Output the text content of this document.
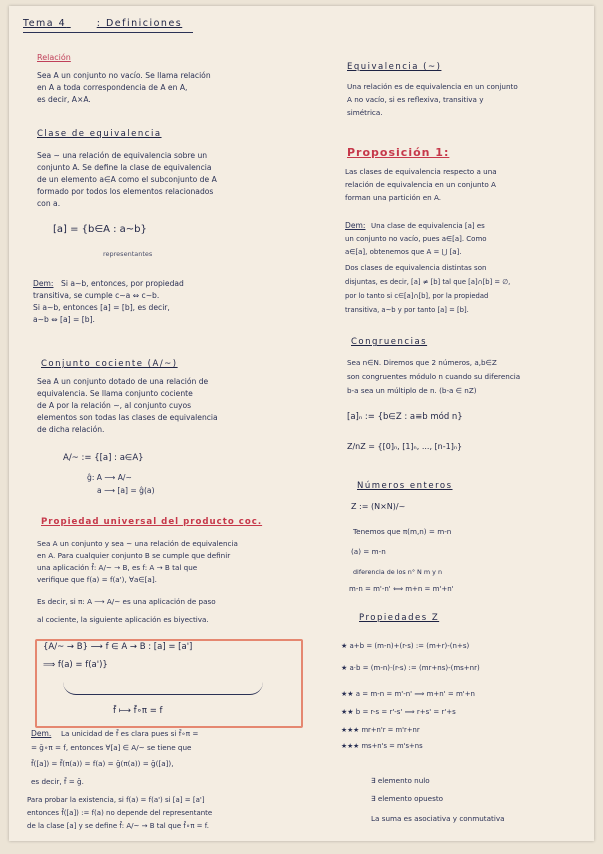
Tema 4	: Definiciones
Relación
Sea A un conjunto no vacío. Se llama relación
en A a toda correspondencia de A en A,
es decir, A×A.
Clase de equivalencia
Sea ~ una relación de equivalencia sobre un
conjunto A. Se define la clase de equivalencia
de un elemento a∈A como el subconjunto de A
formado por todos los elementos relacionados
con a.
[a] = {b∈A : a~b}
representantes
Dem: Si a~b, entonces, por propiedad
transitiva, se cumple c~a ⇔ c~b.
Si a~b, entonces [a] = [b], es decir,
a~b ⇔ [a] = [b].
Conjunto cociente (A/~)
Sea A un conjunto dotado de una relación de
equivalencia. Se llama conjunto cociente
de A por la relación ~, al conjunto cuyos
elementos son todas las clases de equivalencia
de dicha relación.
A/~ := {[a] : a∈A}
ĝ: A ⟶ A/~
a ⟶ [a] = ĝ(a)
Propiedad universal del producto coc.
Sea A un conjunto y sea ~ una relación de equivalencia
en A. Para cualquier conjunto B se cumple que definir
una aplicación f̄: A/~ → B, es f: A → B tal que
verifique que f(a) = f(a'), ∀a∈[a].
Es decir, si π: A ⟶ A/~ es una aplicación de paso
al cociente, la siguiente aplicación es biyectiva.
{A/~ → B} ⟶ f ∈ A → B : [a] = [a']
⟹ f(a) = f(a')}
f̄ ⟼ f̄∘π = f
Dem. La unicidad de f̄ es clara pues si f̄∘π =
= ḡ∘π = f, entonces ∀[a] ∈ A/~ se tiene que
f̄([a]) = f̄(π(a)) = f(a) = ḡ(π(a)) = ḡ([a]),
es decir, f̄ = ḡ.
Para probar la existencia, si f(a) = f(a') si [a] = [a']
entonces f̄([a]) := f(a) no depende del representante
de la clase [a] y se define f̄: A/~ → B tal que f̄∘π = f.
Equivalencia (~)
Una relación es de equivalencia en un conjunto
A no vacío, si es reflexiva, transitiva y
simétrica.
Proposición 1:
Las clases de equivalencia respecto a una
relación de equivalencia en un conjunto A
forman una partición en A.
Dem: Una clase de equivalencia [a] es
un conjunto no vacío, pues a∈[a]. Como
a∈[a], obtenemos que A = ⋃ [a].
Dos clases de equivalencia distintas son
disjuntas, es decir, [a] ≠ [b] tal que [a]∩[b] = ∅,
por lo tanto si c∈[a]∩[b], por la propiedad
transitiva, a~b y por tanto [a] = [b].
Congruencias
Sea n∈N. Diremos que 2 números, a,b∈Z
son congruentes módulo n cuando su diferencia
b-a sea un múltiplo de n. (b-a ∈ nZ)
[a]ₙ := {b∈Z : a≡b mód n}
Z/nZ = {[0]ₙ, [1]ₙ, ..., [n-1]ₙ}
Números enteros
Z := (N×N)/~
Tenemos que π(m,n) = m-n
(a) = m-n
diferencia de los n° N m y n
m-n = m'-n' ⟺ m+n = m'+n'
Propiedades Z
★ a+b = (m-n)+(r-s) := (m+r)-(n+s)
★ a·b = (m-n)·(r-s) := (mr+ns)-(ms+nr)
★★ a = m-n = m'-n' ⟹ m+n' = m'+n
★★ b = r-s = r'-s' ⟹ r+s' = r'+s
★★★ mr+n'r = m'r+nr
★★★ ms+n's = m's+ns
∃ elemento nulo
∃ elemento opuesto
La suma es asociativa y conmutativa
